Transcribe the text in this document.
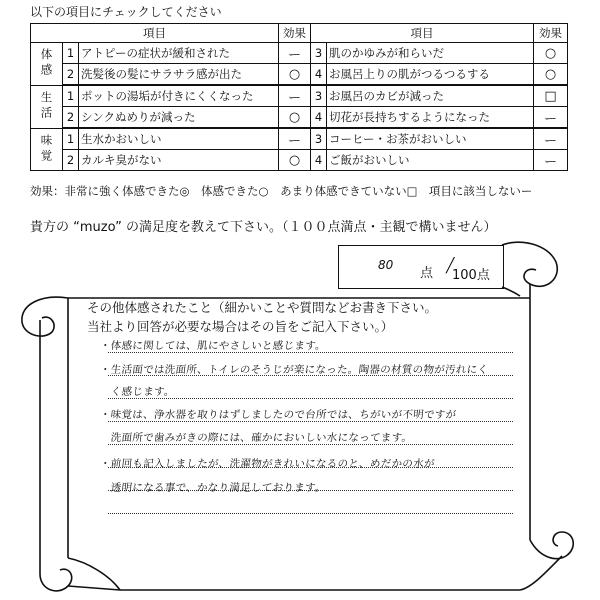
以下の項目にチェックしてください
項目			効果	項目		効果

体感	1	アトピーの症状が緩和された	ー	3	肌のかゆみが和らいだ	○
	2	洗髪後の髪にサラサラ感が出た	○	4	お風呂上りの肌がつるつるする	○

生活	1	ポットの湯垢が付きにくくなった	ー	3	お風呂のカビが減った	□
	2	シンクぬめりが減った	○	4	切花が長持ちするようになった	ー

味覚	1	生水かおいしい	ー	3	コーヒー・お茶がおいしい	ー
	2	カルキ臭がない	○	4	ご飯がおいしい	ー
効果：非常に強く体感できた◎　体感できた○　あまり体感できていない□　項目に該当しないー
貴方の “muzo” の満足度を教えて下さい。（１００点満点・主観で構いません）
80
点 ╱
100点
その他体感されたこと（細かいことや質問などお書き下さい。
当社より回答が必要な場合はその旨をご記入下さい。）
・体感に関しては、肌にやさしいと感じます。
・生活面では洗面所、トイレのそうじが楽になった。陶器の材質の物が汚れにく
　く感じます。
・味覚は、浄水器を取りはずしましたので台所では、ちがいが不明ですが
　洗面所で歯みがきの際には、確かにおいしい水になってます。
・前回も記入しましたが、洗濯物がきれいになるのと、めだかの水が
　透明になる事で、かなり満足しております。
